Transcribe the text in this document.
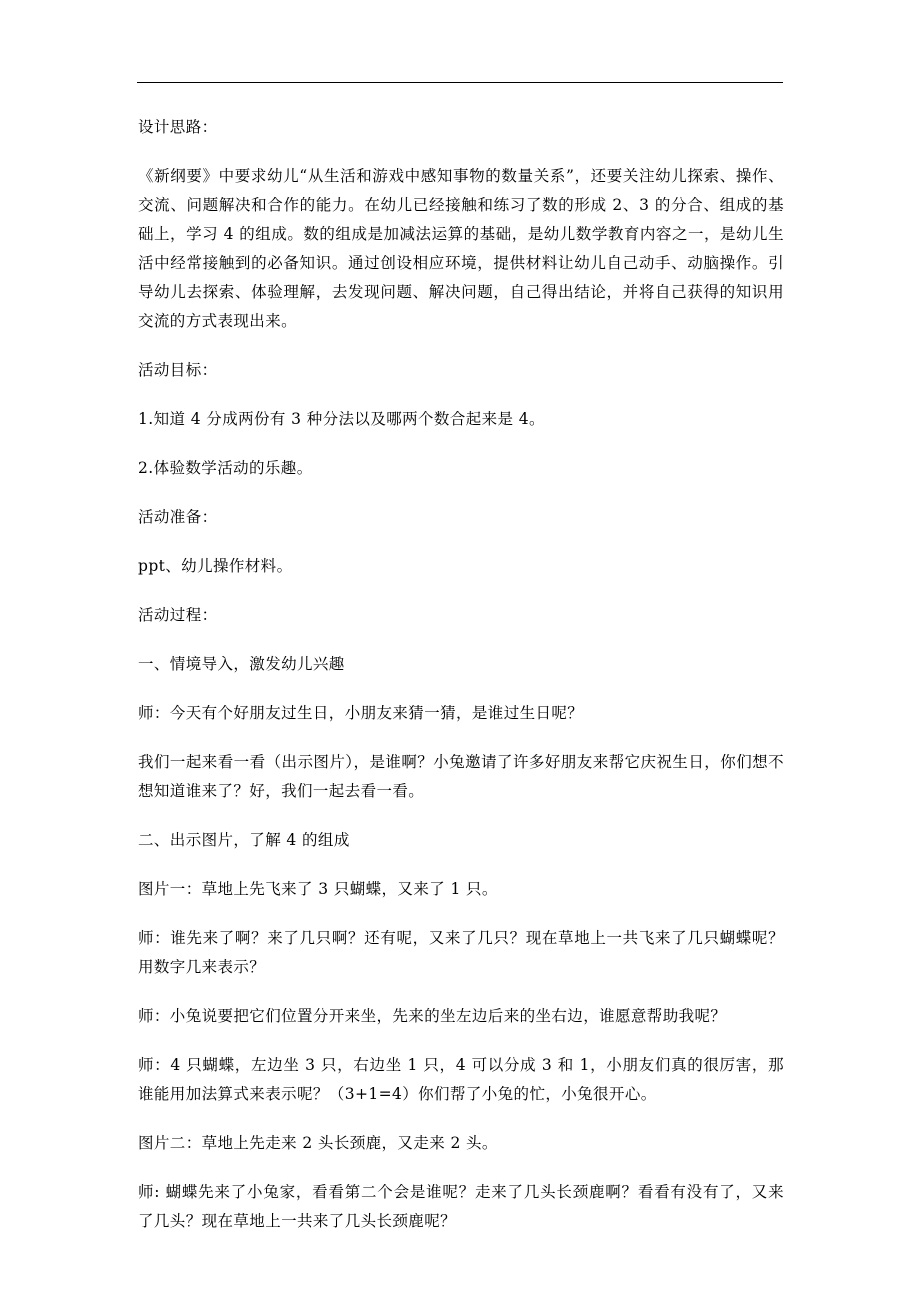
设计思路：

《新纲要》中要求幼儿“从生活和游戏中感知事物的数量关系”，还要关注幼儿探索、操作、交流、问题解决和合作的能力。在幼儿已经接触和练习了数的形成 2、3 的分合、组成的基础上，学习 4 的组成。数的组成是加减法运算的基础，是幼儿数学教育内容之一，是幼儿生活中经常接触到的必备知识。通过创设相应环境，提供材料让幼儿自己动手、动脑操作。引导幼儿去探索、体验理解，去发现问题、解决问题，自己得出结论，并将自己获得的知识用交流的方式表现出来。

活动目标：

1.知道 4 分成两份有 3 种分法以及哪两个数合起来是 4。

2.体验数学活动的乐趣。

活动准备：

ppt、幼儿操作材料。

活动过程：

一、情境导入，激发幼儿兴趣

师：今天有个好朋友过生日，小朋友来猜一猜，是谁过生日呢？

我们一起来看一看（出示图片），是谁啊？小兔邀请了许多好朋友来帮它庆祝生日，你们想不想知道谁来了？好，我们一起去看一看。

二、出示图片，了解 4 的组成

图片一：草地上先飞来了 3 只蝴蝶，又来了 1 只。

师：谁先来了啊？来了几只啊？还有呢，又来了几只？现在草地上一共飞来了几只蝴蝶呢？用数字几来表示？

师：小兔说要把它们位置分开来坐，先来的坐左边后来的坐右边，谁愿意帮助我呢？

师：4 只蝴蝶，左边坐 3 只，右边坐 1 只，4 可以分成 3 和 1，小朋友们真的很厉害，那谁能用加法算式来表示呢？（3+1=4）你们帮了小兔的忙，小兔很开心。

图片二：草地上先走来 2 头长颈鹿，又走来 2 头。

师: 蝴蝶先来了小兔家，看看第二个会是谁呢？走来了几头长颈鹿啊？看看有没有了，又来了几头？现在草地上一共来了几头长颈鹿呢？
